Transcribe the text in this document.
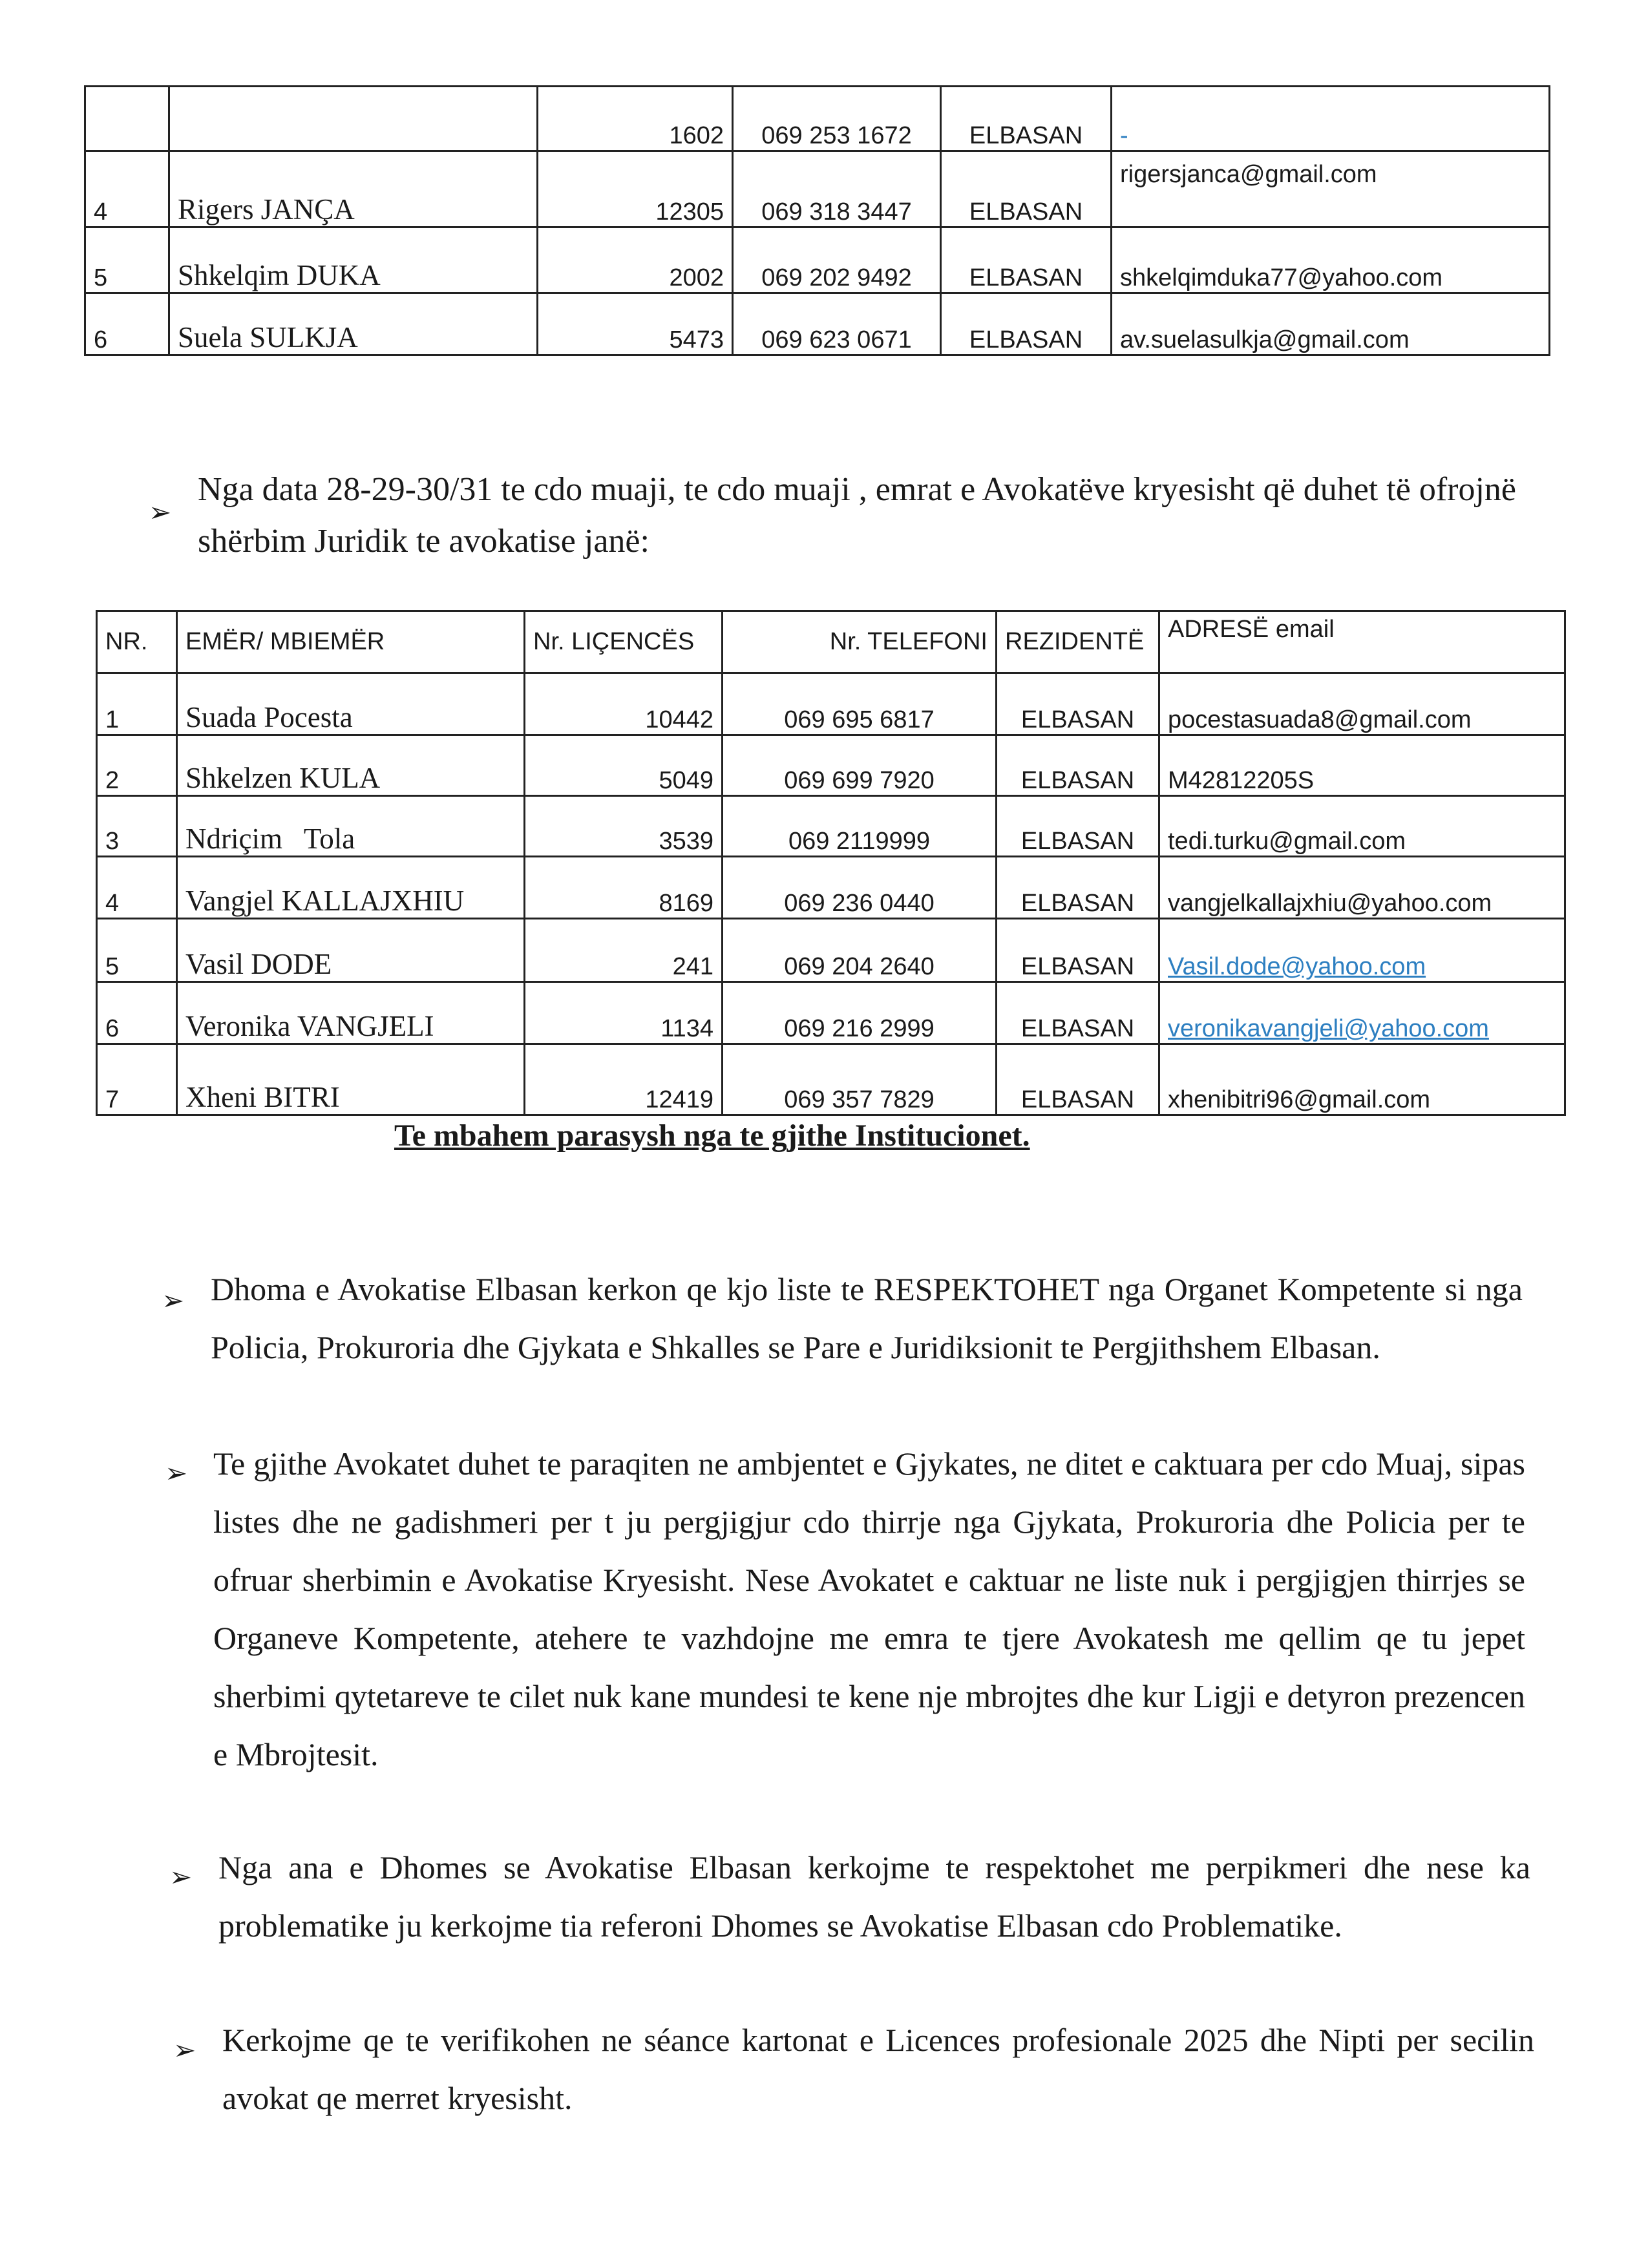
		1602	069 253 1672	ELBASAN	-
4	Rigers JANÇA	12305	069 318 3447	ELBASAN	rigersjanca@gmail.com
5	Shkelqim DUKA	2002	069 202 9492	ELBASAN	shkelqimduka77@yahoo.com
6	Suela SULKJA	5473	069 623 0671	ELBASAN	av.suelasulkja@gmail.com
➢
Nga data 28-29-30/31 te cdo muaji, te cdo muaji , emrat e Avokatëve kryesisht që duhet të ofrojnë shërbim Juridik te avokatise janë:
NR.	EMËR/ MBIEMËR	Nr. LIÇENCËS	Nr. TELEFONI	REZIDENTË	ADRESË email
1	Suada Pocesta	10442	069 695 6817	ELBASAN	pocestasuada8@gmail.com
2	Shkelzen KULA	5049	069 699 7920	ELBASAN	M42812205S
3	Ndriçim   Tola	3539	069 2119999	ELBASAN	tedi.turku@gmail.com
4	Vangjel KALLAJXHIU	8169	069 236 0440	ELBASAN	vangjelkallajxhiu@yahoo.com
5	Vasil DODE	241	069 204 2640	ELBASAN	Vasil.dode@yahoo.com
6	Veronika VANGJELI	1134	069 216 2999	ELBASAN	veronikavangjeli@yahoo.com
7	Xheni BITRI	12419	069 357 7829	ELBASAN	xhenibitri96@gmail.com
Te mbahem parasysh nga te gjithe Institucionet.
➢ Dhoma e Avokatise Elbasan kerkon qe kjo liste te RESPEKTOHET nga Organet Kompetente si nga Policia, Prokuroria dhe Gjykata e Shkalles se Pare e Juridiksionit te Pergjithshem Elbasan.
➢ Te gjithe Avokatet duhet te paraqiten ne ambjentet e Gjykates, ne ditet e caktuara per cdo Muaj, sipas listes dhe ne gadishmeri per t ju pergjigjur cdo thirrje nga Gjykata, Prokuroria dhe Policia per te ofruar sherbimin e Avokatise Kryesisht. Nese Avokatet e caktuar ne liste nuk i pergjigjen thirrjes se Organeve Kompetente, atehere te vazhdojne me emra te tjere Avokatesh me qellim qe tu jepet sherbimi qytetareve te cilet nuk kane mundesi te kene nje mbrojtes dhe kur Ligji e detyron prezencen e Mbrojtesit.
➢ Nga ana e Dhomes se Avokatise Elbasan kerkojme te respektohet me perpikmeri dhe nese ka problematike ju kerkojme tia referoni Dhomes se Avokatise Elbasan cdo Problematike.
➢ Kerkojme qe te verifikohen ne séance kartonat e Licences profesionale 2025 dhe Nipti per secilin avokat qe merret kryesisht.
